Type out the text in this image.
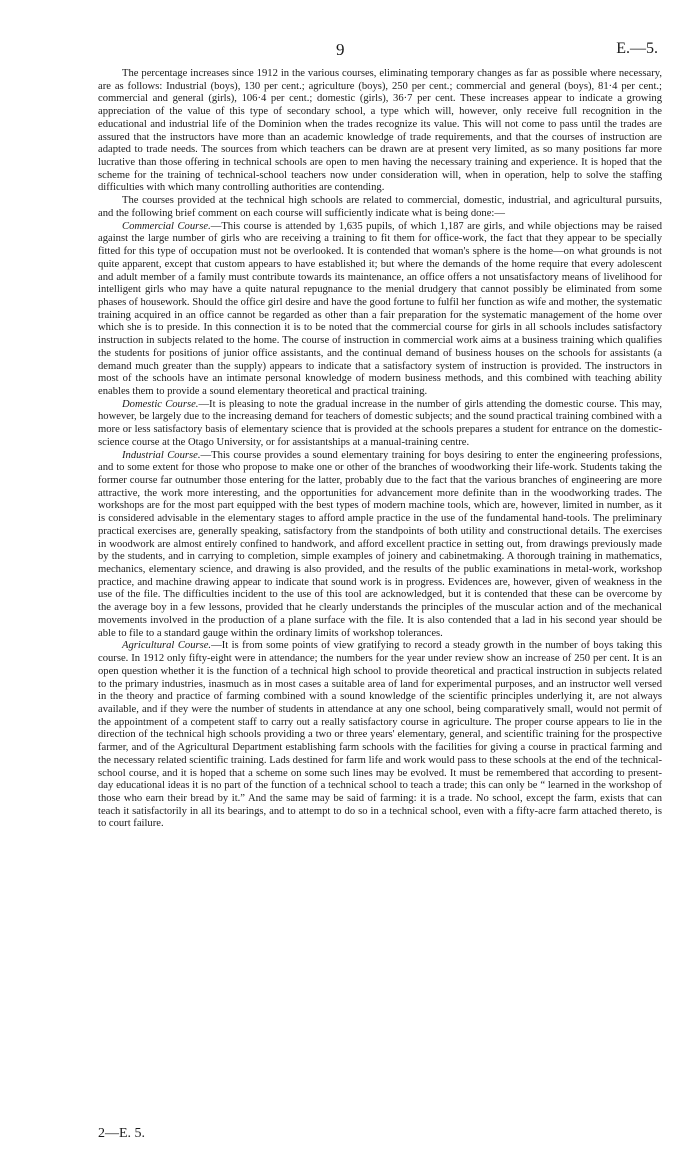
9	E.—5.

The percentage increases since 1912 in the various courses, eliminating temporary changes as far as possible where necessary, are as follows: Industrial (boys), 130 per cent.; agriculture (boys), 250 per cent.; commercial and general (boys), 81·4 per cent.; commercial and general (girls), 106·4 per cent.; domestic (girls), 36·7 per cent. These increases appear to indicate a growing appreciation of the value of this type of secondary school, a type which will, however, only receive full recognition in the educational and industrial life of the Dominion when the trades recognize its value. This will not come to pass until the trades are assured that the instructors have more than an academic knowledge of trade requirements, and that the courses of instruction are adapted to trade needs. The sources from which teachers can be drawn are at present very limited, as so many positions far more lucrative than those offering in technical schools are open to men having the necessary training and experience. It is hoped that the scheme for the training of technical-school teachers now under consideration will, when in operation, help to solve the staffing difficulties with which many controlling authorities are contending.

The courses provided at the technical high schools are related to commercial, domestic, industrial, and agricultural pursuits, and the following brief comment on each course will sufficiently indicate what is being done:—

Commercial Course.—This course is attended by 1,635 pupils, of which 1,187 are girls, and while objections may be raised against the large number of girls who are receiving a training to fit them for office-work, the fact that they appear to be specially fitted for this type of occupation must not be overlooked. It is contended that woman's sphere is the home—on what grounds is not quite apparent, except that custom appears to have established it; but where the demands of the home require that every adolescent and adult member of a family must contribute towards its maintenance, an office offers a not unsatisfactory means of livelihood for intelligent girls who may have a quite natural repugnance to the menial drudgery that cannot possibly be eliminated from some phases of housework. Should the office girl desire and have the good fortune to fulfil her function as wife and mother, the systematic training acquired in an office cannot be regarded as other than a fair preparation for the systematic management of the home over which she is to preside. In this connection it is to be noted that the commercial course for girls in all schools includes satisfactory instruction in subjects related to the home. The course of instruction in commercial work aims at a business training which qualifies the students for positions of junior office assistants, and the continual demand of business houses on the schools for assistants (a demand much greater than the supply) appears to indicate that a satisfactory system of instruction is provided. The instructors in most of the schools have an intimate personal knowledge of modern business methods, and this combined with teaching ability enables them to provide a sound elementary theoretical and practical training.

Domestic Course.—It is pleasing to note the gradual increase in the number of girls attending the domestic course. This may, however, be largely due to the increasing demand for teachers of domestic subjects; and the sound practical training combined with a more or less satisfactory basis of elementary science that is provided at the schools prepares a student for entrance on the domestic-science course at the Otago University, or for assistantships at a manual-training centre.

Industrial Course.—This course provides a sound elementary training for boys desiring to enter the engineering professions, and to some extent for those who propose to make one or other of the branches of woodworking their life-work. Students taking the former course far outnumber those entering for the latter, probably due to the fact that the various branches of engineering are more attractive, the work more interesting, and the opportunities for advancement more definite than in the woodworking trades. The workshops are for the most part equipped with the best types of modern machine tools, which are, however, limited in number, as it is considered advisable in the elementary stages to afford ample practice in the use of the fundamental hand-tools. The preliminary practical exercises are, generally speaking, satisfactory from the standpoints of both utility and constructional details. The exercises in woodwork are almost entirely confined to handwork, and afford excellent practice in setting out, from drawings previously made by the students, and in carrying to completion, simple examples of joinery and cabinetmaking. A thorough training in mathematics, mechanics, elementary science, and drawing is also provided, and the results of the public examinations in metal-work, workshop practice, and machine drawing appear to indicate that sound work is in progress. Evidences are, however, given of weakness in the use of the file. The difficulties incident to the use of this tool are acknowledged, but it is contended that these can be overcome by the average boy in a few lessons, provided that he clearly understands the principles of the muscular action and of the mechanical movements involved in the production of a plane surface with the file. It is also contended that a lad in his second year should be able to file to a standard gauge within the ordinary limits of workshop tolerances.

Agricultural Course.—It is from some points of view gratifying to record a steady growth in the number of boys taking this course. In 1912 only fifty-eight were in attendance; the numbers for the year under review show an increase of 250 per cent. It is an open question whether it is the function of a technical high school to provide theoretical and practical instruction in subjects related to the primary industries, inasmuch as in most cases a suitable area of land for experimental purposes, and an instructor well versed in the theory and practice of farming combined with a sound knowledge of the scientific principles underlying it, are not always available, and if they were the number of students in attendance at any one school, being comparatively small, would not permit of the appointment of a competent staff to carry out a really satisfactory course in agriculture. The proper course appears to lie in the direction of the technical high schools providing a two or three years' elementary, general, and scientific training for the prospective farmer, and of the Agricultural Department establishing farm schools with the facilities for giving a course in practical farming and the necessary related scientific training. Lads destined for farm life and work would pass to these schools at the end of the technical-school course, and it is hoped that a scheme on some such lines may be evolved. It must be remembered that according to present-day educational ideas it is no part of the function of a technical school to teach a trade; this can only be “ learned in the workshop of those who earn their bread by it.” And the same may be said of farming: it is a trade. No school, except the farm, exists that can teach it satisfactorily in all its bearings, and to attempt to do so in a technical school, even with a fifty-acre farm attached thereto, is to court failure.

2—E. 5.
